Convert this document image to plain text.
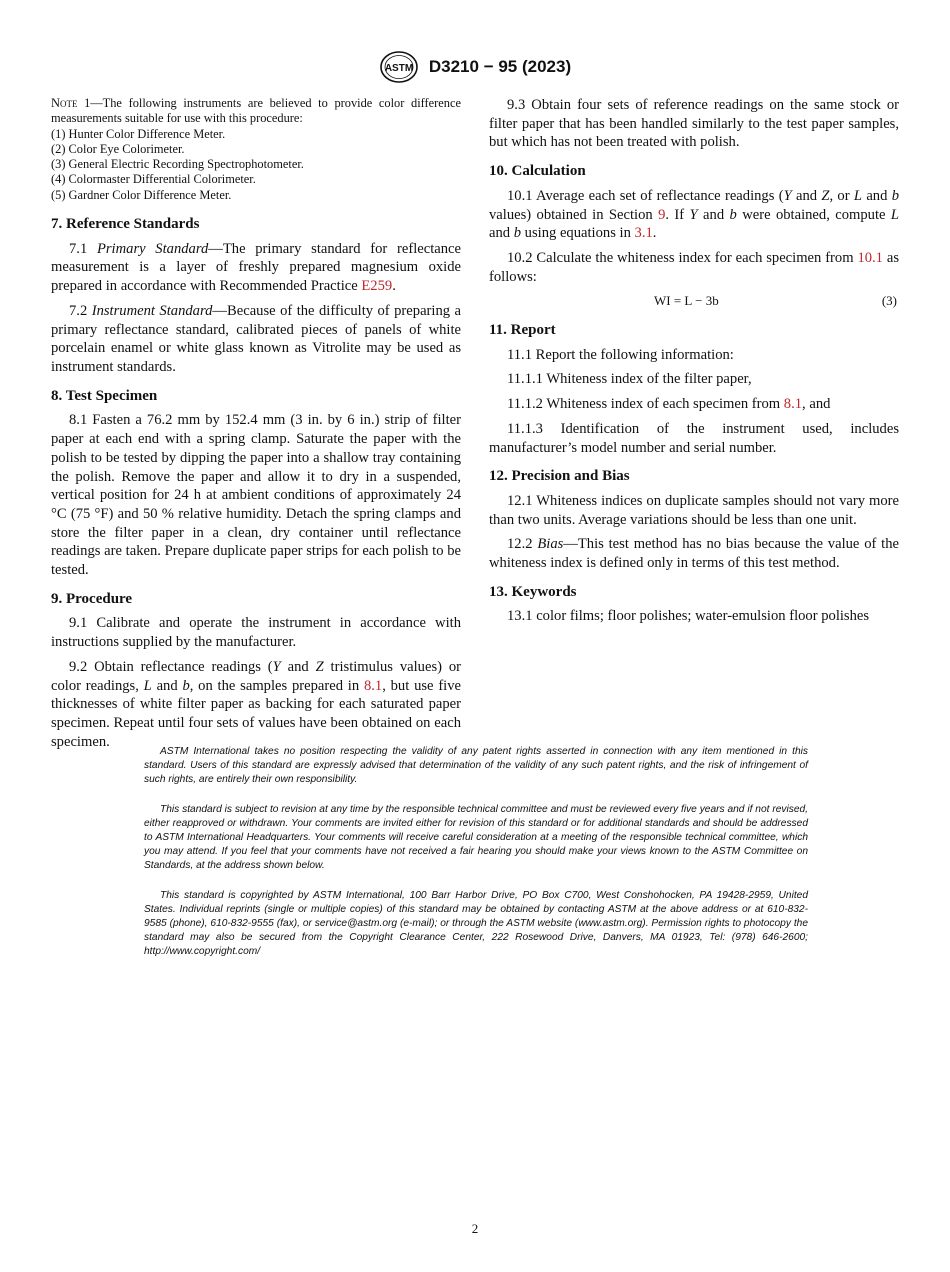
ASTM D3210 − 95 (2023)
Note 1—The following instruments are believed to provide color difference measurements suitable for use with this procedure:
(1) Hunter Color Difference Meter.
(2) Color Eye Colorimeter.
(3) General Electric Recording Spectrophotometer.
(4) Colormaster Differential Colorimeter.
(5) Gardner Color Difference Meter.
7. Reference Standards

7.1 Primary Standard—The primary standard for reflectance measurement is a layer of freshly prepared magnesium oxide prepared in accordance with Recommended Practice E259.

7.2 Instrument Standard—Because of the difficulty of preparing a primary reflectance standard, calibrated pieces of panels of white porcelain enamel or white glass known as Vitrolite may be used as instrument standards.

8. Test Specimen

8.1 Fasten a 76.2 mm by 152.4 mm (3 in. by 6 in.) strip of filter paper at each end with a spring clamp. Saturate the paper with the polish to be tested by dipping the paper into a shallow tray containing the polish. Remove the paper and allow it to dry in a suspended, vertical position for 24 h at ambient conditions of approximately 24 °C (75 °F) and 50 % relative humidity. Detach the spring clamps and store the filter paper in a clean, dry container until reflectance readings are taken. Prepare duplicate paper strips for each polish to be tested.

9. Procedure

9.1 Calibrate and operate the instrument in accordance with instructions supplied by the manufacturer.

9.2 Obtain reflectance readings (Y and Z tristimulus values) or color readings, L and b, on the samples prepared in 8.1, but use five thicknesses of white filter paper as backing for each saturated paper specimen. Repeat until four sets of values have been obtained on each specimen.

9.3 Obtain four sets of reference readings on the same stock or filter paper that has been handled similarly to the test paper samples, but which has not been treated with polish.

10. Calculation

10.1 Average each set of reflectance readings (Y and Z, or L and b values) obtained in Section 9. If Y and b were obtained, compute L and b using equations in 3.1.

10.2 Calculate the whiteness index for each specimen from 10.1 as follows:

WI = L − 3b	(3)
11. Report

11.1 Report the following information:

11.1.1 Whiteness index of the filter paper,

11.1.2 Whiteness index of each specimen from 8.1, and

11.1.3 Identification of the instrument used, includes manufacturer’s model number and serial number.

12. Precision and Bias

12.1 Whiteness indices on duplicate samples should not vary more than two units. Average variations should be less than one unit.

12.2 Bias—This test method has no bias because the value of the whiteness index is defined only in terms of this test method.

13. Keywords

13.1 color films; floor polishes; water-emulsion floor polishes

ASTM International takes no position respecting the validity of any patent rights asserted in connection with any item mentioned in this standard. Users of this standard are expressly advised that determination of the validity of any such patent rights, and the risk of infringement of such rights, are entirely their own responsibility.

This standard is subject to revision at any time by the responsible technical committee and must be reviewed every five years and if not revised, either reapproved or withdrawn. Your comments are invited either for revision of this standard or for additional standards and should be addressed to ASTM International Headquarters. Your comments will receive careful consideration at a meeting of the responsible technical committee, which you may attend. If you feel that your comments have not received a fair hearing you should make your views known to the ASTM Committee on Standards, at the address shown below.

This standard is copyrighted by ASTM International, 100 Barr Harbor Drive, PO Box C700, West Conshohocken, PA 19428-2959, United States. Individual reprints (single or multiple copies) of this standard may be obtained by contacting ASTM at the above address or at 610-832-9585 (phone), 610-832-9555 (fax), or service@astm.org (e-mail); or through the ASTM website (www.astm.org). Permission rights to photocopy the standard may also be secured from the Copyright Clearance Center, 222 Rosewood Drive, Danvers, MA 01923, Tel: (978) 646-2600; http://www.copyright.com/

2
